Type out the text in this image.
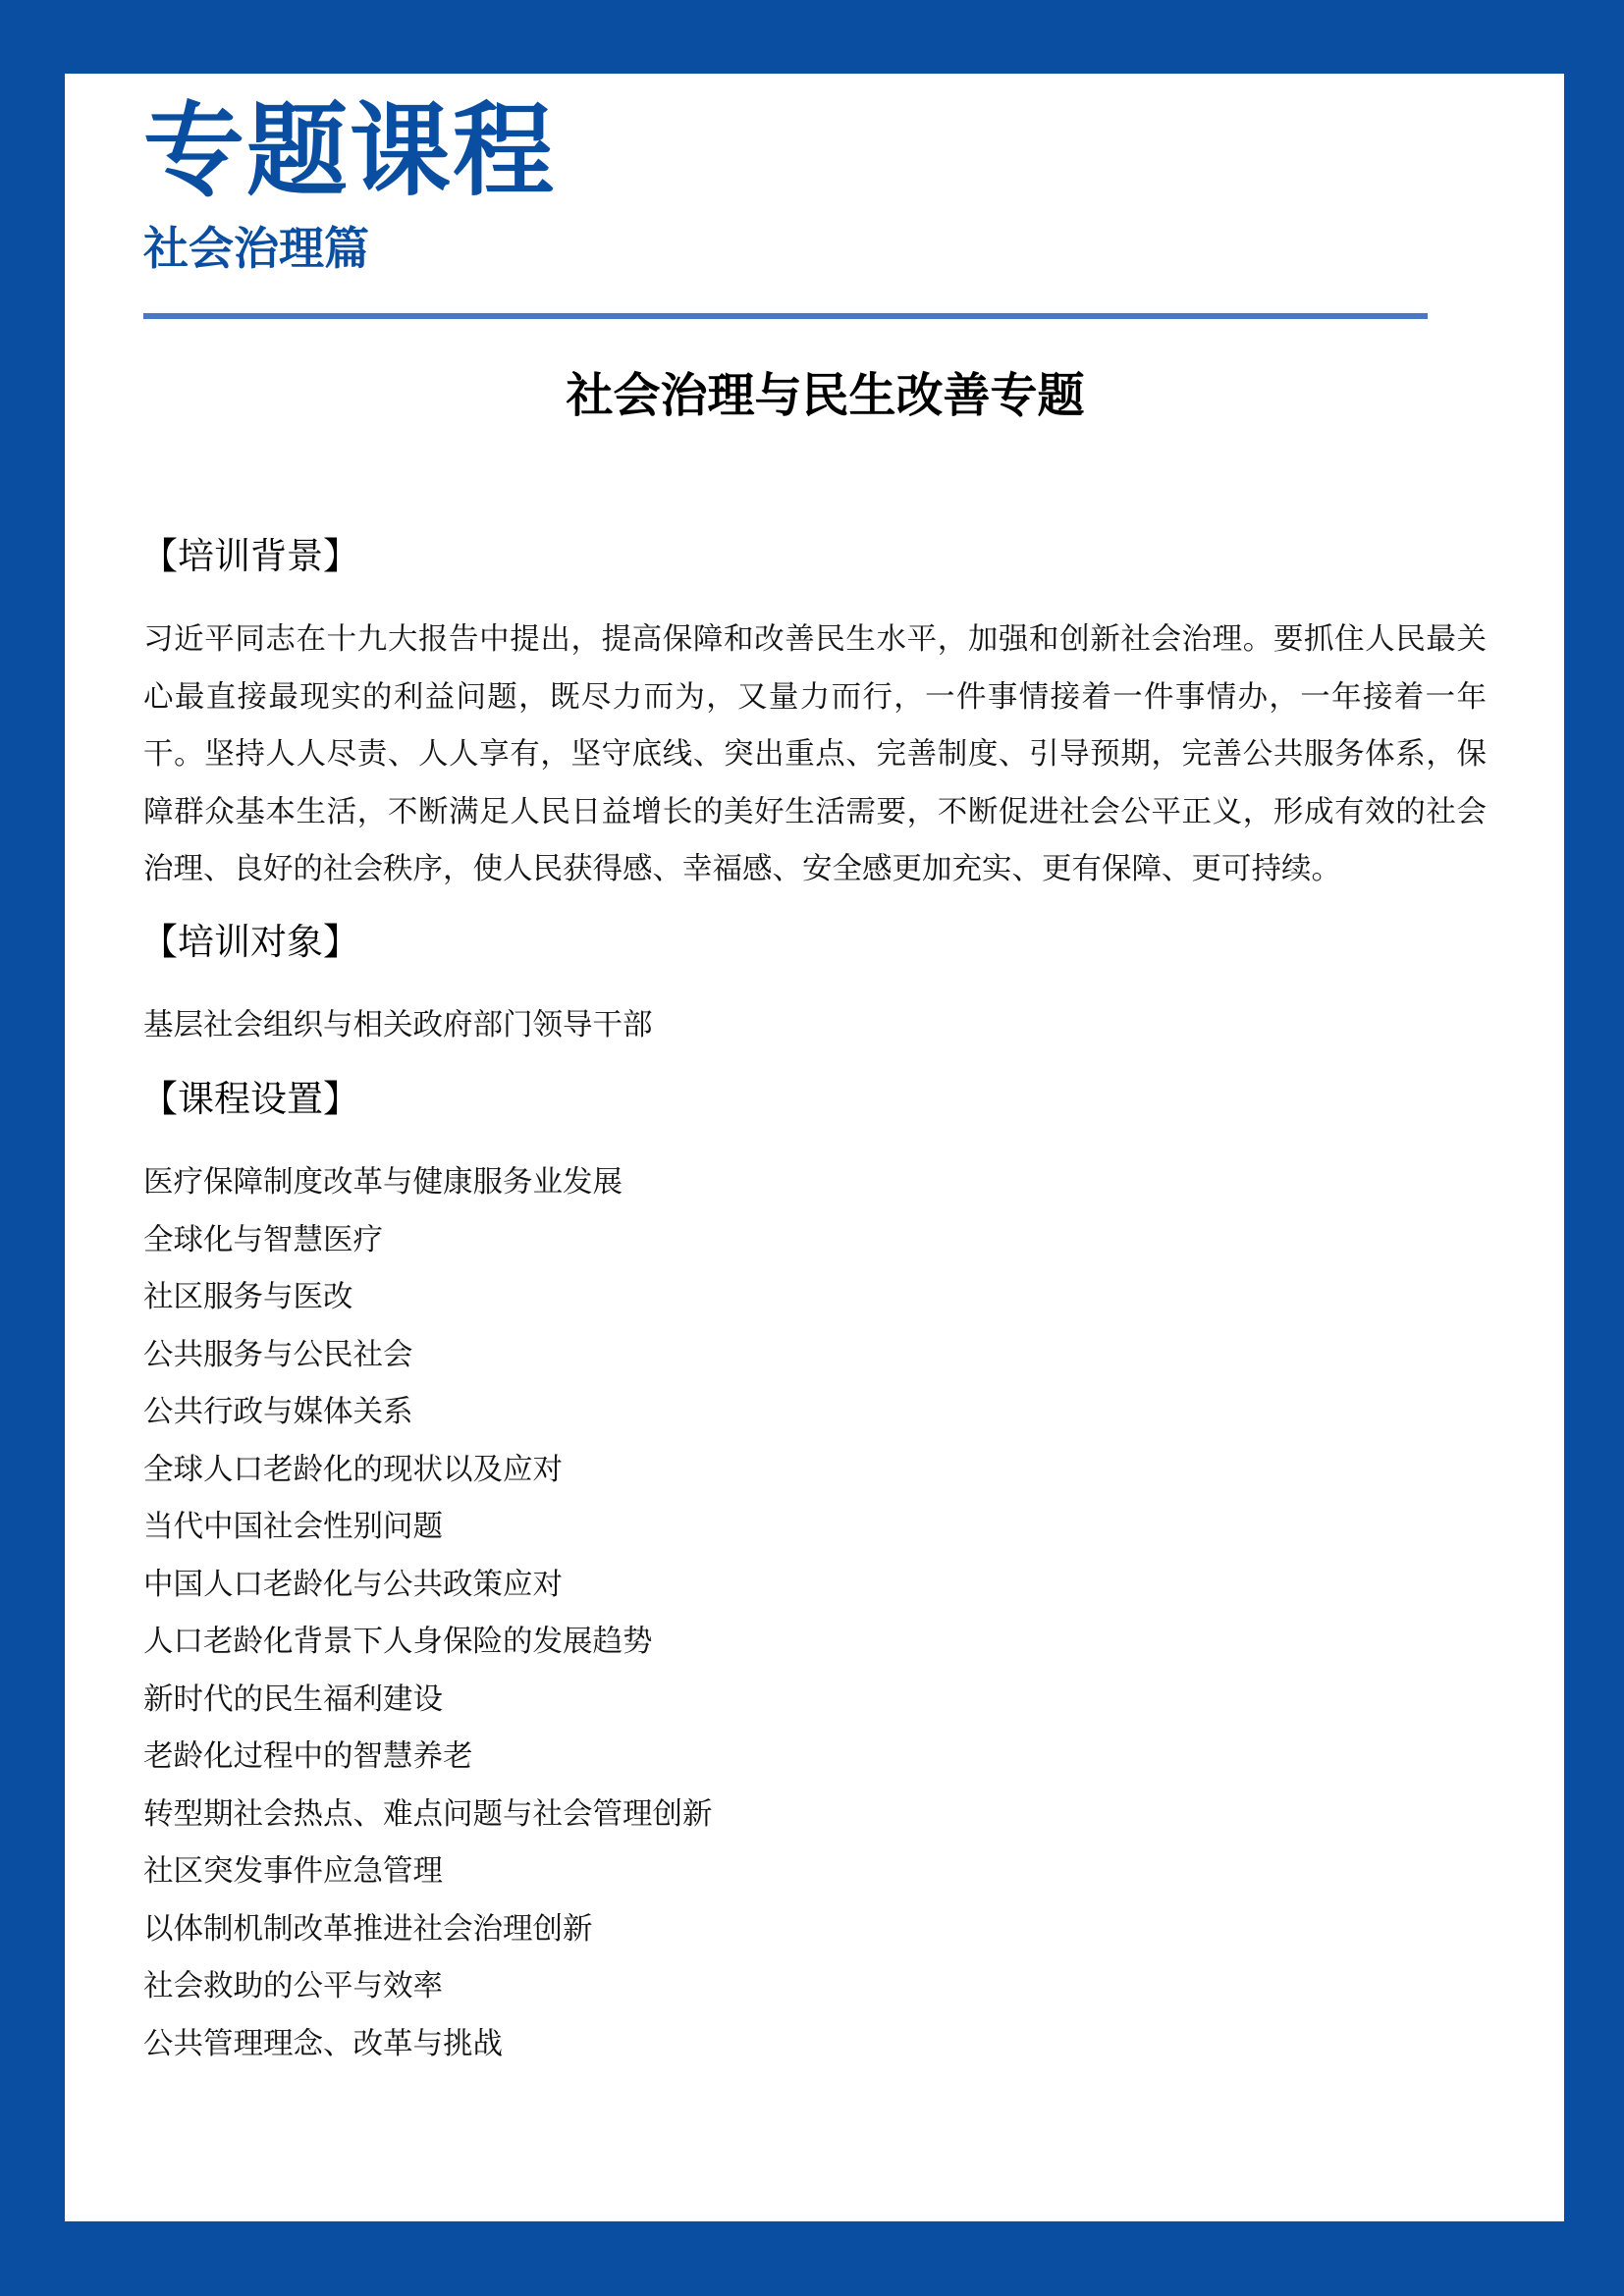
专题课程
社会治理篇
社会治理与民生改善专题
【培训背景】

习近平同志在十九大报告中提出，提高保障和改善民生水平，加强和创新社会治理。要抓住人民最关心最直接最现实的利益问题，既尽力而为，又量力而行，一件事情接着一件事情办，一年接着一年干。坚持人人尽责、人人享有，坚守底线、突出重点、完善制度、引导预期，完善公共服务体系，保障群众基本生活，不断满足人民日益增长的美好生活需要，不断促进社会公平正义，形成有效的社会治理、良好的社会秩序，使人民获得感、幸福感、安全感更加充实、更有保障、更可持续。

【培训对象】

基层社会组织与相关政府部门领导干部

【课程设置】
医疗保障制度改革与健康服务业发展
全球化与智慧医疗
社区服务与医改
公共服务与公民社会
公共行政与媒体关系
全球人口老龄化的现状以及应对
当代中国社会性别问题
中国人口老龄化与公共政策应对
人口老龄化背景下人身保险的发展趋势
新时代的民生福利建设
老龄化过程中的智慧养老
转型期社会热点、难点问题与社会管理创新
社区突发事件应急管理
以体制机制改革推进社会治理创新
社会救助的公平与效率
公共管理理念、改革与挑战
